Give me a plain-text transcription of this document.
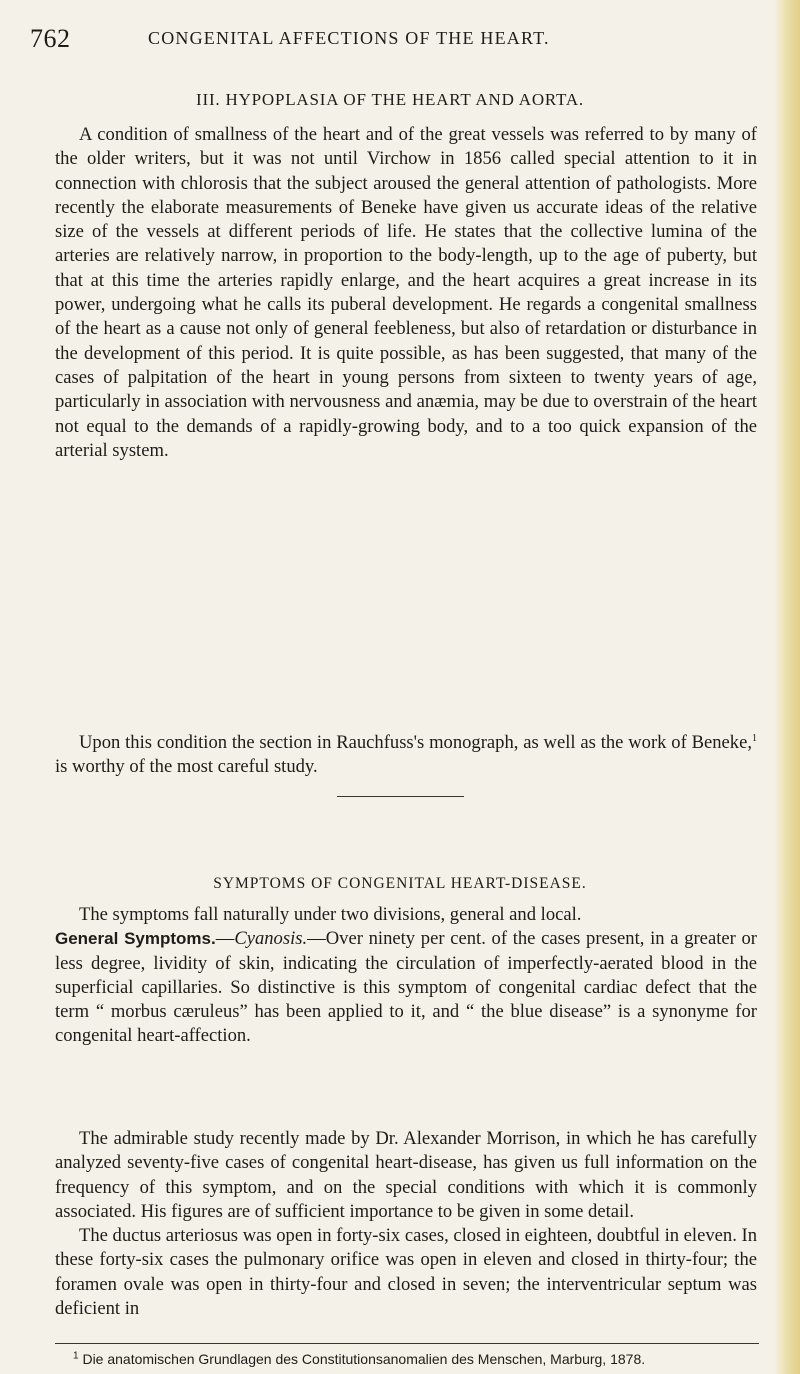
762	CONGENITAL AFFECTIONS OF THE HEART.
III. HYPOPLASIA OF THE HEART AND AORTA.

A condition of smallness of the heart and of the great vessels was referred to by many of the older writers, but it was not until Virchow in 1856 called special attention to it in connection with chlorosis that the subject aroused the general attention of pathologists. More recently the elaborate measurements of Beneke have given us accurate ideas of the relative size of the vessels at different periods of life. He states that the collective lumina of the arteries are relatively narrow, in proportion to the body-length, up to the age of puberty, but that at this time the arteries rapidly enlarge, and the heart acquires a great increase in its power, undergoing what he calls its puberal development. He regards a congenital smallness of the heart as a cause not only of general feebleness, but also of retardation or disturbance in the development of this period. It is quite possible, as has been suggested, that many of the cases of palpitation of the heart in young persons from sixteen to twenty years of age, particularly in association with nervousness and anæmia, may be due to overstrain of the heart not equal to the demands of a rapidly-growing body, and to a too quick expansion of the arterial system.

Upon this condition the section in Rauchfuss's monograph, as well as the work of Beneke,$^1$ is worthy of the most careful study.

SYMPTOMS OF CONGENITAL HEART-DISEASE.

The symptoms fall naturally under two divisions, general and local.
General Symptoms.—Cyanosis.—Over ninety per cent. of the cases present, in a greater or less degree, lividity of skin, indicating the circulation of imperfectly-aerated blood in the superficial capillaries. So distinctive is this symptom of congenital cardiac defect that the term “ morbus cæruleus” has been applied to it, and “ the blue disease” is a synonyme for congenital heart-affection.

The admirable study recently made by Dr. Alexander Morrison, in which he has carefully analyzed seventy-five cases of congenital heart-disease, has given us full information on the frequency of this symptom, and on the special conditions with which it is commonly associated. His figures are of sufficient importance to be given in some detail.

The ductus arteriosus was open in forty-six cases, closed in eighteen, doubtful in eleven. In these forty-six cases the pulmonary orifice was open in eleven and closed in thirty-four; the foramen ovale was open in thirty-four and closed in seven; the interventricular septum was deficient in

$^1$ Die anatomischen Grundlagen des Constitutionsanomalien des Menschen, Marburg, 1878.
